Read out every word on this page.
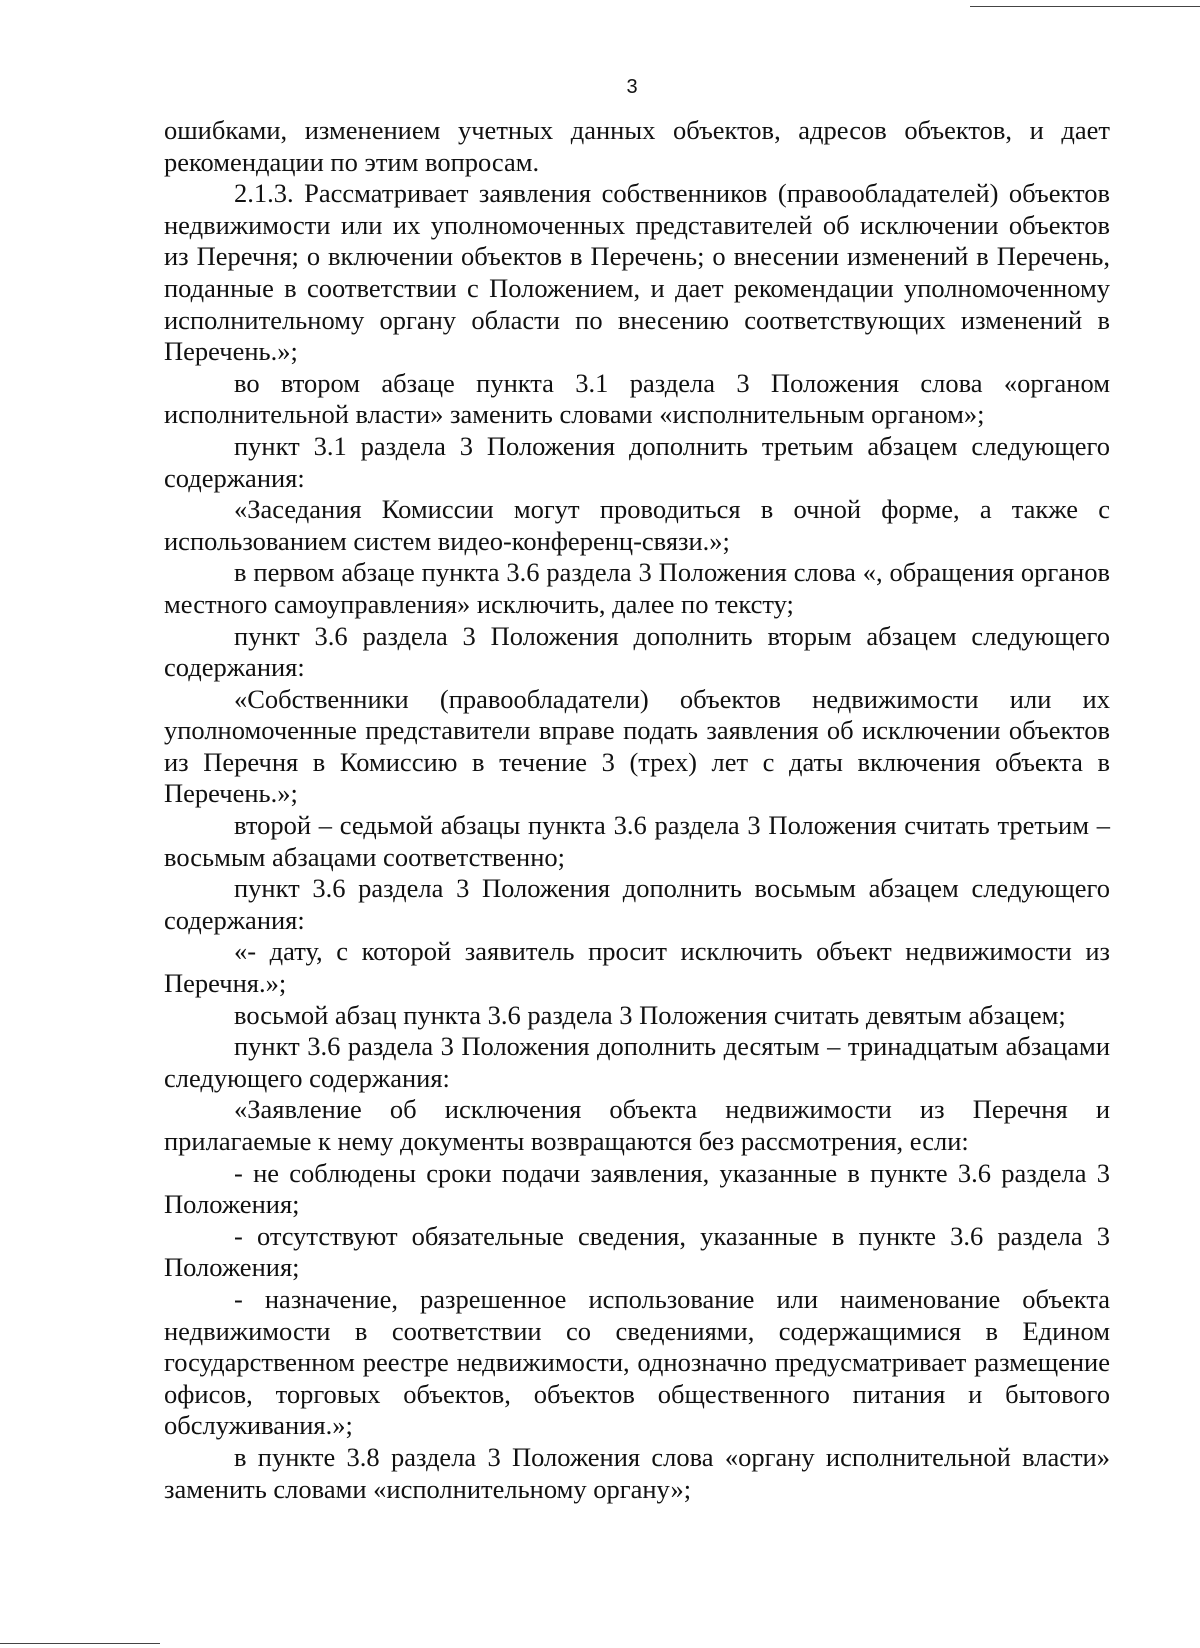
3

ошибками, изменением учетных данных объектов, адресов объектов, и дает рекомендации по этим вопросам.

2.1.3. Рассматривает заявления собственников (правообладателей) объектов недвижимости или их уполномоченных представителей об исключении объектов из Перечня; о включении объектов в Перечень; о внесении изменений в Перечень, поданные в соответствии с Положением, и дает рекомендации уполномоченному исполнительному органу области по внесению соответствующих изменений в Перечень.»;

во втором абзаце пункта 3.1 раздела 3 Положения слова «органом исполнительной власти» заменить словами «исполнительным органом»;

пункт 3.1 раздела 3 Положения дополнить третьим абзацем следующего содержания:

«Заседания Комиссии могут проводиться в очной форме, а также с использованием систем видео-конференц-связи.»;

в первом абзаце пункта 3.6 раздела 3 Положения слова «, обращения органов местного самоуправления» исключить, далее по тексту;

пункт 3.6 раздела 3 Положения дополнить вторым абзацем следующего содержания:

«Собственники (правообладатели) объектов недвижимости или их уполномоченные представители вправе подать заявления об исключении объектов из Перечня в Комиссию в течение 3 (трех) лет с даты включения объекта в Перечень.»;

второй – седьмой абзацы пункта 3.6 раздела 3 Положения считать третьим – восьмым абзацами соответственно;

пункт 3.6 раздела 3 Положения дополнить восьмым абзацем следующего содержания:

«- дату, с которой заявитель просит исключить объект недвижимости из Перечня.»;

восьмой абзац пункта 3.6 раздела 3 Положения считать девятым абзацем;

пункт 3.6 раздела 3 Положения дополнить десятым – тринадцатым абзацами следующего содержания:

«Заявление об исключения объекта недвижимости из Перечня и прилагаемые к нему документы возвращаются без рассмотрения, если:

- не соблюдены сроки подачи заявления, указанные в пункте 3.6 раздела 3 Положения;

- отсутствуют обязательные сведения, указанные в пункте 3.6 раздела 3 Положения;

- назначение, разрешенное использование или наименование объекта недвижимости в соответствии со сведениями, содержащимися в Едином государственном реестре недвижимости, однозначно предусматривает размещение офисов, торговых объектов, объектов общественного питания и бытового обслуживания.»;

в пункте 3.8 раздела 3 Положения слова «органу исполнительной власти» заменить словами «исполнительному органу»;
